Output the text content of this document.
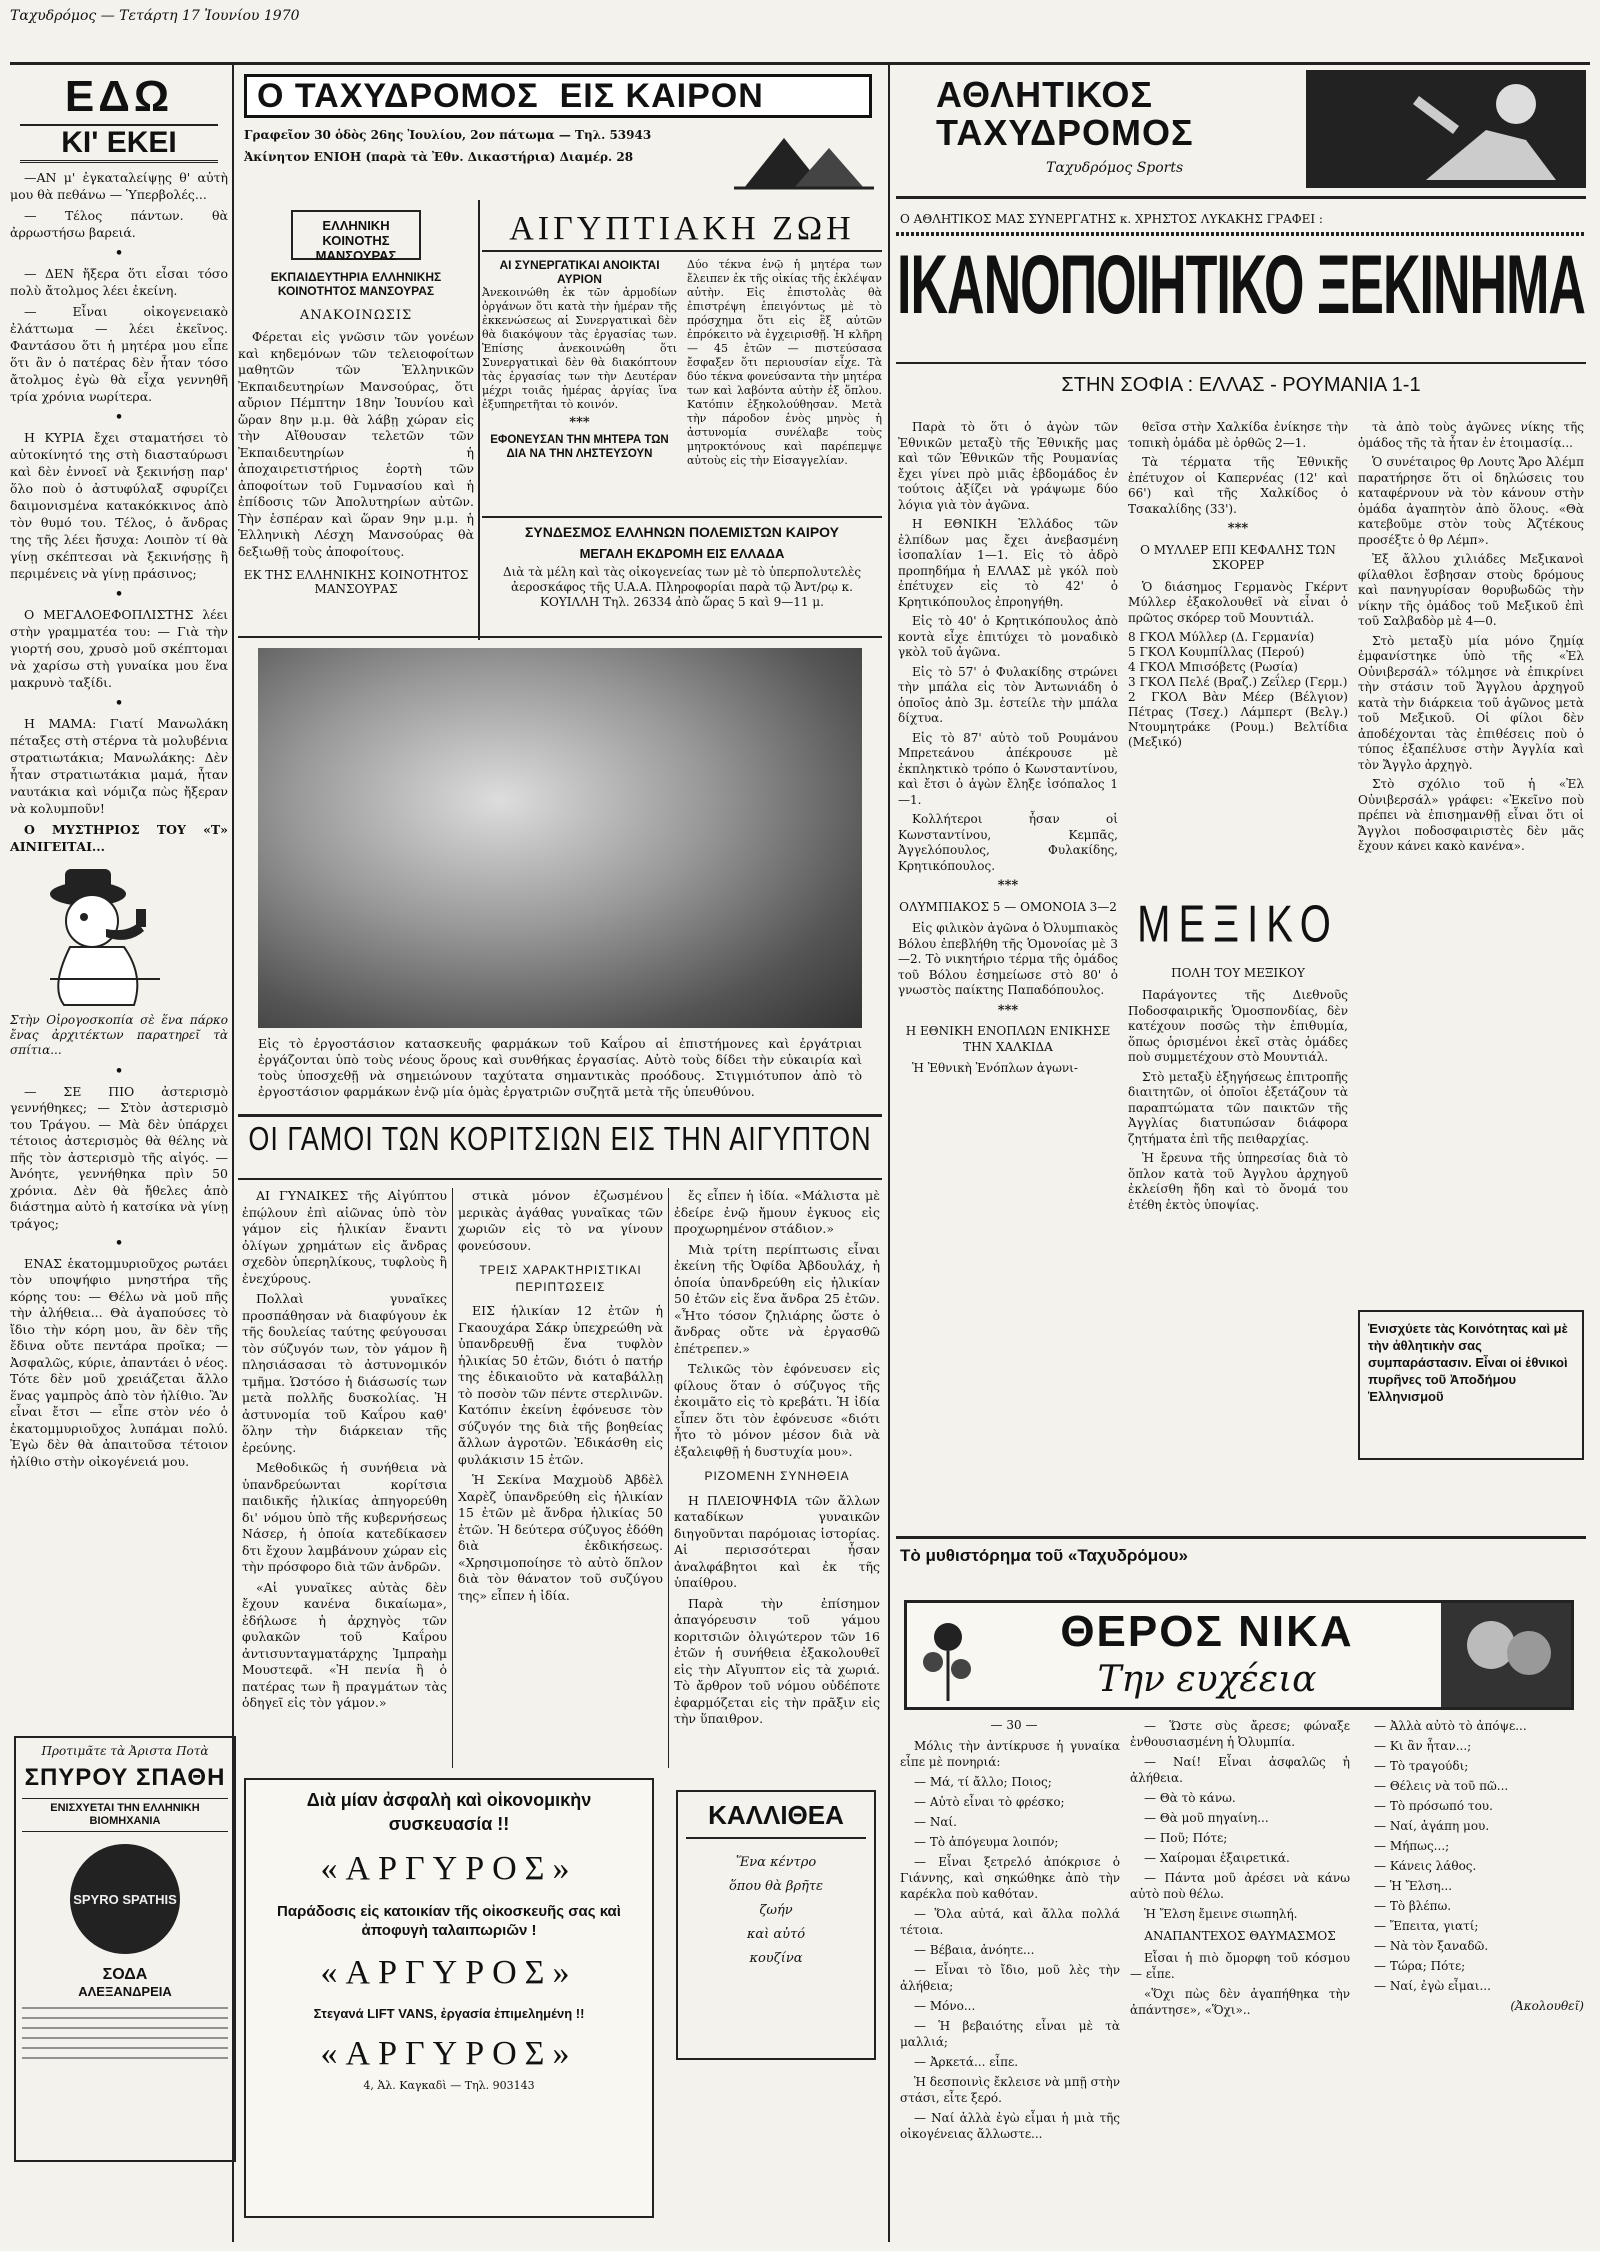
Ταχυδρόμος — Τετάρτη 17 Ἰουνίου 1970
ΕΔΩ
ΚΙ' ΕΚΕΙ

—ΑΝ μ' ἐγκαταλείψῃς θ' αὐτὴ μου θὰ πεθάνω — Ὑπερβολές...

— Τέλος πάντων. θὰ ἀρρωστήσω βαρειά.

•

— ΔΕΝ ἤξερα ὅτι εἶσαι τόσο πολὺ ἄτολμος λέει ἐκείνη.

— Εἶναι οἰκογενειακὸ ἐλάττωμα — λέει ἐκεῖνος. Φαντάσου ὅτι ἡ μητέρα μου εἶπε ὅτι ἂν ὁ πατέρας δὲν ἦταν τόσο ἄτολμος ἐγὼ θὰ εἶχα γεννηθῆ τρία χρόνια νωρίτερα.

•

Η ΚΥΡΙΑ ἔχει σταματήσει τὸ αὐτοκίνητό της στὴ διασταύρωσι καὶ δὲν ἐννοεῖ νὰ ξεκινήσῃ παρ' ὅλο ποὺ ὁ ἀστυφύλαξ σφυρίζει δαιμονισμένα κατακόκκινος ἀπὸ τὸν θυμό του. Τέλος, ὁ ἄνδρας της τῆς λέει ἤσυχα: Λοιπὸν τί θὰ γίνῃ σκέπτεσαι νὰ ξεκινήσῃς ἢ περιμένεις νὰ γίνῃ πράσινος;

•

Ο ΜΕΓΑΛΟΕΦΟΠΛΙΣΤΗΣ λέει στὴν γραμματέα του: — Γιὰ τὴν γιορτή σου, χρυσὸ μοῦ σκέπτομαι νὰ χαρίσω στὴ γυναίκα μου ἕνα μακρυνὸ ταξίδι.

•

Η ΜΑΜΑ: Γιατί Μανωλάκη πέταξες στὴ στέρνα τὰ μολυβένια στρατιωτάκια; Μανωλάκης: Δὲν ἦταν στρατιωτάκια μαμά, ἦταν ναυτάκια καὶ νόμιζα πὼς ἤξεραν νὰ κολυμποῦν!

Ο ΜΥΣΤΗΡΙΟΣ ΤΟΥ «Τ» ΑΙΝΙΓΕΙΤΑΙ...

Στὴν Οἰρογοσκοπία σὲ ἕνα πάρκο ἔνας ἀρχιτέκτων παρατηρεῖ τὰ σπίτια...
•

— ΣΕ ΠΙΟ ἀστερισμὸ γεννήθηκες; — Στὸν ἀστερισμὸ του Τράγου. — Μὰ δὲν ὑπάρχει τέτοιος ἀστερισμὸς θὰ θέλης νὰ πῆς τὸν ἀστερισμὸ τῆς αἰγός. — Ἀνόητε, γεννήθηκα πρὶν 50 χρόνια. Δὲν θὰ ἤθελες ἀπὸ διάστημα αὐτὸ ἡ κατσίκα νὰ γίνῃ τράγος;

•

ΕΝΑΣ ἑκατομμυριοῦχος ρωτάει τὸν υποψήφιο μνηστήρα τῆς κόρης του: — Θέλω νὰ μοῦ πῆς τὴν ἀλήθεια... Θὰ ἀγαπούσες τὸ ἴδιο τὴν κόρη μου, ἂν δὲν τῆς ἔδινα οὔτε πεντάρα προῖκα; — Ἀσφαλῶς, κύριε, ἀπαντάει ὁ νέος. Τότε δὲν μοῦ χρειάζεται ἄλλο ἕνας γαμπρὸς ἀπὸ τὸν ἠλίθιο. Ἂν εἶναι ἔτσι — εἶπε στὸν νέο ὁ ἑκατομμυριοῦχος λυπάμαι πολύ. Ἐγὼ δὲν θὰ ἀπαιτοῦσα τέτοιον ἠλίθιο στὴν οἰκογένειά μου.

Προτιμᾶτε τὰ Ἀριστα Ποτὰ
ΣΠΥΡΟΥ ΣΠΑΘΗ
ΕΝΙΣΧΥΕΤΑΙ ΤΗΝ ΕΛΛΗΝΙΚΗ ΒΙΟΜΗΧΑΝΙΑ
SPYRO SPATHIS
ΣΟΔΑ
ΑΛΕΞΑΝΔΡΕΙΑ
Ο ΤΑΧΥΔΡΟΜΟΣ  ΕΙΣ ΚΑΙΡΟΝ
Γραφεῖον 30 ὁδὸς 26ης Ἰουλίου, 2ον πάτωμα — Τηλ. 53943
Ἀκίνητον ΕΝΙΟΗ (παρὰ τὰ Ἐθν. Δικαστήρια) Διαμέρ. 28
ΕΛΛΗΝΙΚΗ ΚΟΙΝΟΤΗΣ ΜΑΝΣΟΥΡΑΣ
ΕΚΠΑΙΔΕΥΤΗΡΙΑ ΕΛΛΗΝΙΚΗΣ ΚΟΙΝΟΤΗΤΟΣ ΜΑΝΣΟΥΡΑΣ
ΑΝΑΚΟΙΝΩΣΙΣ
Φέρεται εἰς γνῶσιν τῶν γονέων καὶ κηδεμόνων τῶν τελειοφοίτων μαθητῶν τῶν Ἑλληνικῶν Ἐκπαιδευτηρίων Μανσούρας, ὅτι αὔριον Πέμπτην 18ην Ἰουνίου καὶ ὥραν 8ην μ.μ. θὰ λάβῃ χώραν εἰς τὴν Αἴθουσαν τελετῶν τῶν Ἐκπαιδευτηρίων ἡ ἀποχαιρετιστήριος ἑορτὴ τῶν ἀποφοίτων τοῦ Γυμνασίου καὶ ἡ ἐπίδοσις τῶν Ἀπολυτηρίων αὐτῶν. Τὴν ἑσπέραν καὶ ὥραν 9ην μ.μ. ἡ Ἑλληνικὴ Λέσχη Μανσούρας θὰ δεξιωθῇ τοὺς ἀποφοίτους.
ΕΚ ΤΗΣ ΕΛΛΗΝΙΚΗΣ ΚΟΙΝΟΤΗΤΟΣ ΜΑΝΣΟΥΡΑΣ
ΑΙΓΥΠΤΙΑΚΗ ΖΩΗ
ΑΙ ΣΥΝΕΡΓΑΤΙΚΑΙ ΑΝΟΙΚΤΑΙ ΑΥΡΙΟΝ
Ἀνεκοινώθη ἐκ τῶν ἁρμοδίων ὀργάνων ὅτι κατὰ τὴν ἡμέραν τῆς ἐκκενώσεως αἱ Συνεργατικαὶ δὲν θὰ διακόψουν τὰς ἐργασίας των. Ἐπίσης ἀνεκοινώθη ὅτι Συνεργατικαὶ δὲν θὰ διακόπτουν τὰς ἐργασίας των τὴν Δευτέραν μέχρι τοιᾶς ἡμέρας ἀργίας ἵνα ἐξυπηρετῆται τὸ κοινόν.
***
ΕΦΟΝΕΥΣΑΝ ΤΗΝ ΜΗΤΕΡΑ ΤΩΝ ΔΙΑ ΝΑ ΤΗΝ ΛΗΣΤΕΥΣΟΥΝ
Δύο τέκνα ἐνῷ ἡ μητέρα των ἔλειπεν ἐκ τῆς οἰκίας τῆς ἐκλέψαν αὐτὴν. Εἰς ἐπιστολὰς θὰ ἐπιστρέψη ἐπειγόντως μὲ τὸ πρόσχημα ὅτι εἰς ἓξ αὐτῶν ἐπρόκειτο νὰ ἐγχειρισθῇ. Ἡ κλῆρη — 45 ἐτῶν — πιστεύσασα ἔσφαξεν ὅτι περιουσίαν εἶχε. Τὰ δύο τέκνα φονεύσαντα τὴν μητέρα των καὶ λαβόντα αὐτὴν ἐξ ὅπλου. Κατόπιν ἐξηκολούθησαν. Μετὰ τὴν πάροδον ἑνὸς μηνὸς ἡ ἀστυνομία συνέλαβε τοὺς μητροκτόνους καὶ παρέπεμψε αὐτοὺς εἰς τὴν Εἰσαγγελίαν.
ΣΥΝΔΕΣΜΟΣ ΕΛΛΗΝΩΝ ΠΟΛΕΜΙΣΤΩΝ ΚΑΙΡΟΥ
ΜΕΓΑΛΗ ΕΚΔΡΟΜΗ ΕΙΣ ΕΛΛΑΔΑ
Διὰ τὰ μέλη καὶ τὰς οἰκογενείας των μὲ τὸ ὑπερπολυτελὲς ἀεροσκάφος τῆς U.A.A. Πληροφορίαι παρὰ τῷ Ἀντ/ρῳ κ. ΚΟΥΙΛΛΗ Τηλ. 26334 ἀπὸ ὥρας 5 καὶ 9—11 μ.
Εἰς τὸ ἐργοστάσιον κατασκευῆς φαρμάκων τοῦ Καΐρου αἱ ἐπιστήμονες καὶ ἐργάτριαι ἐργάζονται ὑπὸ τοὺς νέους ὅρους καὶ συνθήκας ἐργασίας. Αὐτὸ τοὺς δίδει τὴν εὐκαιρία καὶ τοὺς ὑποσχεθῇ νὰ σημειώνουν ταχύτατα σημαντικὰς προόδους. Στιγμιότυπον ἀπὸ τὸ ἐργοστάσιον φαρμάκων ἐνῷ μία ὁμὰς ἐργατριῶν συζητᾶ μετὰ τῆς ὑπευθύνου.
ΟΙ ΓΑΜΟΙ ΤΩΝ ΚΟΡΙΤΣΙΩΝ ΕΙΣ ΤΗΝ ΑΙΓΥΠΤΟΝ

ΑΙ ΓΥΝΑΙΚΕΣ τῆς Αἰγύπτου ἐπῴλουν ἐπὶ αἰῶνας ὑπὸ τὸν γάμον εἰς ἡλικίαν ἕναντι ὀλίγων χρημάτων εἰς ἄνδρας σχεδὸν ὑπερηλίκους, τυφλοὺς ἢ ἐνεχύρους.

Πολλαὶ γυναῖκες προσπάθησαν νὰ διαφύγουν ἐκ τῆς δουλείας ταύτης φεύγουσαι τὸν σύζυγόν των, τὸν γάμον ἢ πλησιάσασαι τὸ ἀστυνομικόν τμῆμα. Ὡστόσο ἡ διάσωσίς των μετὰ πολλῆς δυσκολίας. Ἡ ἀστυνομία τοῦ Καΐρου καθ' ὅλην τὴν διάρκειαν τῆς ἐρεύνης.

Μεθοδικῶς ἡ συνήθεια νὰ ὑπανδρεύωνται κορίτσια παιδικῆς ἡλικίας ἀπηγορεύθη δι' νόμου ὑπὸ τῆς κυβερνήσεως Νάσερ, ἡ ὁποία κατεδίκασεν δτι ἔχουν λαμβάνουν χώραν εἰς τὴν πρόσφορο διὰ τῶν ἀνδρῶν.

«Αἱ γυναῖκες αὐτὰς δὲν ἔχουν κανένα δικαίωμα», ἐδήλωσε ἡ ἀρχηγὸς τῶν φυλακῶν τοῦ Καΐρου ἀντισυνταγματάρχης Ἰμπραὴμ Μουστεφᾶ. «Ἡ πενία ἢ ὁ πατέρας των ἢ πραγμάτων τὰς ὁδηγεῖ εἰς τὸν γάμον.»

στικὰ μόνον ἐζωσμένου μερικὰς ἀγάθας γυναῖκας τῶν χωριῶν εἰς τὸ να γίνουν φονεύσουν.

ΤΡΕΙΣ ΧΑΡΑΚΤΗΡΙΣΤΙΚΑΙ ΠΕΡΙΠΤΩΣΕΙΣ

ΕΙΣ ἡλικίαν 12 ἐτῶν ἡ Γκαουχάρα Σάκρ ὑπεχρεώθη νὰ ὑπανδρευθῇ ἕνα τυφλὸν ἡλικίας 50 ἐτῶν, διότι ὁ πατήρ της ἐδικαιοῦτο νὰ καταβάλλῃ τὸ ποσὸν τῶν πέντε στερλινῶν. Κατόπιν ἐκείνη ἐφόνευσε τὸν σύζυγόν της διὰ τῆς βοηθείας ἄλλων ἀγροτῶν. Ἐδικάσθη εἰς φυλάκισιν 15 ἐτῶν.

Ἡ Σεκίνα Μαχμοὺδ Ἀβδὲλ Χαρὲζ ὑπανδρεύθη εἰς ἡλικίαν 15 ἐτῶν μὲ ἄνδρα ἡλικίας 50 ἐτῶν. Ἡ δεύτερα σύζυγος ἐδόθη διὰ ἐκδικήσεως. «Χρησιμοποίησε τὸ αὐτὸ ὅπλον διὰ τὸν θάνατον τοῦ συζύγου της» εἶπεν ἡ ἰδία.

ἔς εἶπεν ἡ ἰδία. «Μάλιστα μὲ ἐδείρε ἐνῷ ἤμουν ἐγκυος εἰς προχωρημένον στάδιον.»

Μιὰ τρίτη περίπτωσις εἶναι ἐκείνη τῆς Ὀφίδα Ἀβδουλάχ, ἡ ὁποία ὑπανδρεύθη εἰς ἡλικίαν 50 ἐτῶν εἰς ἕνα ἄνδρα 25 ἐτῶν. «Ἦτο τόσον ζηλιάρης ὥστε ὁ ἄνδρας οὔτε νὰ ἐργασθῶ ἐπέτρεπεν.»

Τελικῶς τὸν ἐφόνευσεν εἰς φίλους ὅταν ὁ σύζυγος τῆς ἐκοιμᾶτο εἰς τὸ κρεβάτι. Ἡ ἰδία εἶπεν ὅτι τὸν ἐφόνευσε «διότι ἦτο τὸ μόνον μέσον διὰ νὰ ἐξαλειφθῇ ἡ δυστυχία μου».

ΡΙΖΟΜΕΝΗ ΣΥΝΗΘΕΙΑ

Η ΠΛΕΙΟΨΗΦΙΑ τῶν ἄλλων καταδίκων γυναικῶν διηγοῦνται παρόμοιας ἱστορίας. Αἱ περισσότεραι ἦσαν ἀναλφάβητοι καὶ ἐκ τῆς ὑπαίθρου.

Παρὰ τὴν ἐπίσημον ἀπαγόρευσιν τοῦ γάμου κοριτσιῶν ὀλιγώτερον τῶν 16 ἐτῶν ἡ συνήθεια ἐξακολουθεῖ εἰς τὴν Αἴγυπτον εἰς τὰ χωριά. Τὸ ἄρθρον τοῦ νόμου οὐδέποτε ἐφαρμόζεται εἰς τὴν πρᾶξιν εἰς τὴν ὕπαιθρον.

Διὰ μίαν ἀσφαλὴ καὶ οἰκονομικὴν συσκευασία !!
«ΑΡΓΥΡΟΣ»
Παράδοσις εἰς κατοικίαν τῆς οἰκοσκευῆς σας καὶ ἀποφυγὴ ταλαιπωριῶν !
«ΑΡΓΥΡΟΣ»
Στεγανά LIFT VANS, ἐργασία ἐπιμελημένη !!
«ΑΡΓΥΡΟΣ»
4, Ἀλ. Καγκαδὶ — Τηλ. 903143
ΚΑΛΛΙΘΕΑ
Ἕνα κέντρο
ὅπου θὰ βρῆτε
ζωήν
καὶ αὐτό
κουζίνα
ΑΘΛΗΤΙΚΟΣ ΤΑΧΥΔΡΟΜΟΣ
Ταχυδρόμος Sports
Ο ΑΘΛΗΤΙΚΟΣ ΜΑΣ ΣΥΝΕΡΓΑΤΗΣ κ. ΧΡΗΣΤΟΣ ΛΥΚΑΚΗΣ ΓΡΑΦΕΙ :
ΙΚΑΝΟΠΟΙΗΤΙΚΟ ΞΕΚΙΝΗΜΑ
ΣΤΗΝ ΣΟΦΙΑ : ΕΛΛΑΣ - ΡΟΥΜΑΝΙΑ 1-1

Παρὰ τὸ ὅτι ὁ ἀγὼν τῶν Ἐθνικῶν μεταξὺ τῆς Ἐθνικῆς μας καὶ τῶν Ἐθνικῶν τῆς Ρουμανίας ἔχει γίνει πρὸ μιᾶς ἑβδομάδος ἐν τούτοις ἀξίζει νὰ γράψωμε δύο λόγια γιὰ τὸν ἀγῶνα.

Η ΕΘΝΙΚΗ Ἑλλάδος τῶν ἐλπίδων μας ἔχει ἀνεβασμένη ἰσοπαλίαν 1—1. Εἰς τὸ ἀδρὸ προπηδήμα ἡ ΕΛΛΑΣ μὲ γκόλ ποὺ ἐπέτυχεν εἰς τὸ 42' ὁ Κρητικόπουλος ἐπροηγήθη.

Εἰς τὸ 40' ὁ Κρητικόπουλος ἀπὸ κοντὰ εἶχε ἐπιτύχει τὸ μοναδικὸ γκὸλ τοῦ ἀγῶνα.

Εἰς τὸ 57' ὁ Φυλακίδης στρώνει τὴν μπάλα εἰς τὸν Ἀντωνιάδη ὁ ὁποῖος ἀπὸ 3μ. ἐστείλε τὴν μπάλα δίχτυα.

Εἰς τὸ 87' αὐτὸ τοῦ Ρουμάνου Μπρετεάνου ἀπέκρουσε μὲ ἐκπληκτικὸ τρόπο ὁ Κωνσταντίνου, καὶ ἔτσι ὁ ἀγὼν ἔληξε ἰσόπαλος 1—1.

Κολλήτεροι ἦσαν οἱ Κωνσταντίνου, Κεμπᾶς, Ἀγγελόπουλος, Φυλακίδης, Κρητικόπουλος.

***
ΟΛΥΜΠΙΑΚΟΣ 5 — ΟΜΟΝΟΙΑ 3—2

Εἰς φιλικὸν ἀγῶνα ὁ Ὀλυμπιακὸς Βόλου ἐπεβλήθη τῆς Ὁμονοίας μὲ 3—2. Τὸ νικητήριο τέρμα τῆς ὁμάδος τοῦ Βόλου ἐσημείωσε στὸ 80' ὁ γνωστὸς παίκτης Παπαδόπουλος.

***
Η ΕΘΝΙΚΗ ΕΝΟΠΛΩΝ ΕΝΙΚΗΣΕ ΤΗΝ ΧΑΛΚΙΔΑ

Ἡ Ἐθνικὴ Ἐνόπλων ἀγωνι-

θεῖσα στὴν Χαλκίδα ἐνίκησε τὴν τοπικὴ ὁμάδα μὲ ὀρθῶς 2—1.

Τὰ τέρματα τῆς Ἐθνικῆς ἐπέτυχον οἱ Καπερνέας (12' καὶ 66') καὶ τῆς Χαλκίδος ὁ Τσακαλίδης (33').

***
Ο ΜΥΛΛΕΡ ΕΠΙ ΚΕΦΑΛΗΣ ΤΩΝ ΣΚΟΡΕΡ

Ὁ διάσημος Γερμανὸς Γκέρντ Μύλλερ ἐξακολουθεῖ νὰ εἶναι ὁ πρῶτος σκόρερ τοῦ Μουντιάλ.

8 ΓΚΟΛ Μύλλερ (Δ. Γερμανία)
5 ΓΚΟΛ Κουμπίλλας (Περού)
4 ΓΚΟΛ Μπισόβετς (Ρωσία)
3 ΓΚΟΛ Πελέ (Βραζ.) Ζεΐλερ (Γερμ.)
2 ΓΚΟΛ Βὰν Μέερ (Βέλγιον) Πέτρας (Τσεχ.) Λάμπερτ (Βελγ.) Ντουμητράκε (Ρουμ.) Βελτίδια (Μεξικό)
ΜΕΞΙΚΟ
ΠΟΛΗ ΤΟΥ ΜΕΞΙΚΟΥ

Παράγοντες τῆς Διεθνοῦς Ποδοσφαιρικῆς Ὁμοσπονδίας, δὲν κατέχουν ποσῶς τὴν ἐπιθυμία, ὅπως ὁρισμένοι ἐκεῖ στὰς ὁμάδες ποὺ συμμετέχουν στὸ Μουντιάλ.

Στὸ μεταξὺ ἐξηγήσεως ἐπιτροπῆς διαιτητῶν, οἱ ὁποῖοι ἐξετάζουν τὰ παραπτώματα τῶν παικτῶν τῆς Ἀγγλίας διατυπώσαν διάφορα ζητήματα ἐπὶ τῆς πειθαρχίας.

Ἡ ἔρευνα τῆς ὑπηρεσίας διὰ τὸ ὅπλον κατὰ τοῦ Ἀγγλου ἀρχηγοῦ ἐκλείσθη ἤδη καὶ τὸ ὄνομά του ἐτέθη ἐκτὸς ὑποψίας.

τὰ ἀπὸ τοὺς ἀγῶνες νίκης τῆς ὁμάδος τῆς τὰ ἦταν ἐν ἑτοιμασίᾳ...

Ὁ συνέταιρος θρ Λουτς Ἄρο Ἀλέμπ παρατήρησε ὅτι οἱ δηλώσεις του καταφέρνουν νὰ τὸν κάνουν στὴν ὁμάδα ἀγαπητὸν ἀπὸ ὅλους. «Θὰ κατεβοῦμε στὸν τοὺς Ἀζτέκους προσέξτε ὁ θρ Λέμπ».

Ἐξ ἄλλου χιλιάδες Μεξικανοὶ φίλαθλοι ἔσβησαν στοὺς δρόμους καὶ πανηγυρίσαν θορυβωδῶς τὴν νίκην τῆς ὁμάδος τοῦ Μεξικοῦ ἐπὶ τοῦ Σαλβαδὸρ μὲ 4—0.

Στὸ μεταξὺ μία μόνο ζημίᾳ ἐμφανίστηκε ὑπὸ τῆς «Ἐλ Οὐνιβερσάλ» τόλμησε νὰ ἐπικρίνει τὴν στάσιν τοῦ Ἄγγλου ἀρχηγοῦ κατὰ τὴν διάρκεια τοῦ ἀγῶνος μετὰ τοῦ Μεξικοῦ. Οἱ φίλοι δὲν ἀποδέχονται τὰς ἐπιθέσεις ποὺ ὁ τύπος ἐξαπέλυσε στὴν Ἀγγλία καὶ τὸν Ἄγγλο ἀρχηγὸ.

Στὸ σχόλιο τοῦ ἡ «Ἐλ Οὐνιβερσάλ» γράφει: «Ἐκεῖνο ποὺ πρέπει νὰ ἐπισημανθῇ εἶναι ὅτι οἱ Ἄγγλοι ποδοσφαιριστὲς δὲν μᾶς ἔχουν κάνει κακὸ κανένα».

Ἐνισχύετε τὰς Κοινότητας καὶ μὲ τὴν ἀθλητικὴν σας συμπαράστασιν. Εἶναι οἱ ἐθνικοὶ πυρῆνες τοῦ Ἀποδήμου Ἑλληνισμοῦ
Τὸ μυθιστόρημα τοῦ «Ταχυδρόμου»
ΘΕΡΟΣ ΝΙΚΑ
Την ευχέεια
— 30 —

Μόλις τὴν ἀντίκρυσε ἡ γυναίκα εἶπε μὲ πονηριά:

— Μά, τί ἄλλο; Ποιος;

— Αὐτὸ εἶναι τὸ φρέσκο;

— Ναί.

— Τὸ ἀπόγευμα λοιπόν;

— Εἶναι ξετρελό ἀπόκρισε ὁ Γιάννης, καὶ σηκώθηκε ἀπὸ τὴν καρέκλα ποὺ καθόταν.

— Ὅλα αὐτά, καὶ ἄλλα πολλά τέτοια.

— Βέβαια, ἀνόητε...

— Εἶναι τὸ ἴδιο, μοῦ λὲς τὴν ἀλήθεια;

— Μόνο...

— Ἡ βεβαιότης εἶναι μὲ τὰ μαλλιά;

— Ἀρκετά... εἶπε.

Ἡ δεσποινὶς ἔκλεισε νὰ μπῇ στὴν στάσι, εἶτε ξερό.

— Ναί ἀλλὰ ἐγὼ εἶμαι ἡ μιὰ τῆς οἰκογένειας ἄλλωστε...

— Ὥστε σὺς ἄρεσε; φώναξε ἐνθουσιασμένη ἡ Ὀλυμπία.

— Ναί! Εἶναι ἀσφαλῶς ἡ ἀλήθεια.

— Θὰ τὸ κάνω.

— Θὰ μοῦ πηγαίνη...

— Ποῦ; Πότε;

— Χαίρομαι ἐξαιρετικά.

— Πάντα μοῦ ἀρέσει νὰ κάνω αὐτὸ ποὺ θέλω.

Ἡ Ἔλση ἔμεινε σιωπηλή.

ΑΝΑΠΑΝΤΕΧΟΣ ΘΑΥΜΑΣΜΟΣ

Εἶσαι ἡ πιὸ ὄμορφη τοῦ κόσμου — εἶπε.

«Ὅχι πὼς δὲν ἀγαπήθηκα τὴν ἀπάντησε», «Ὅχι»..

— Ἀλλὰ αὐτὸ τὸ ἀπόψε...

— Κι ἂν ἦταν...;

— Τὸ τραγούδι;

— Θέλεις νὰ τοῦ πῶ...

— Τὸ πρόσωπό του.

— Ναί, ἀγάπη μου.

— Μήπως...;

— Κάνεις λάθος.

— Ἡ Ἔλση...

— Τὸ βλέπω.

— Ἔπειτα, γιατί;

— Νὰ τὸν ξαναδῶ.

— Τώρα; Πότε;

— Ναί, ἐγὼ εἶμαι...

(Ἀκολουθεῖ)
